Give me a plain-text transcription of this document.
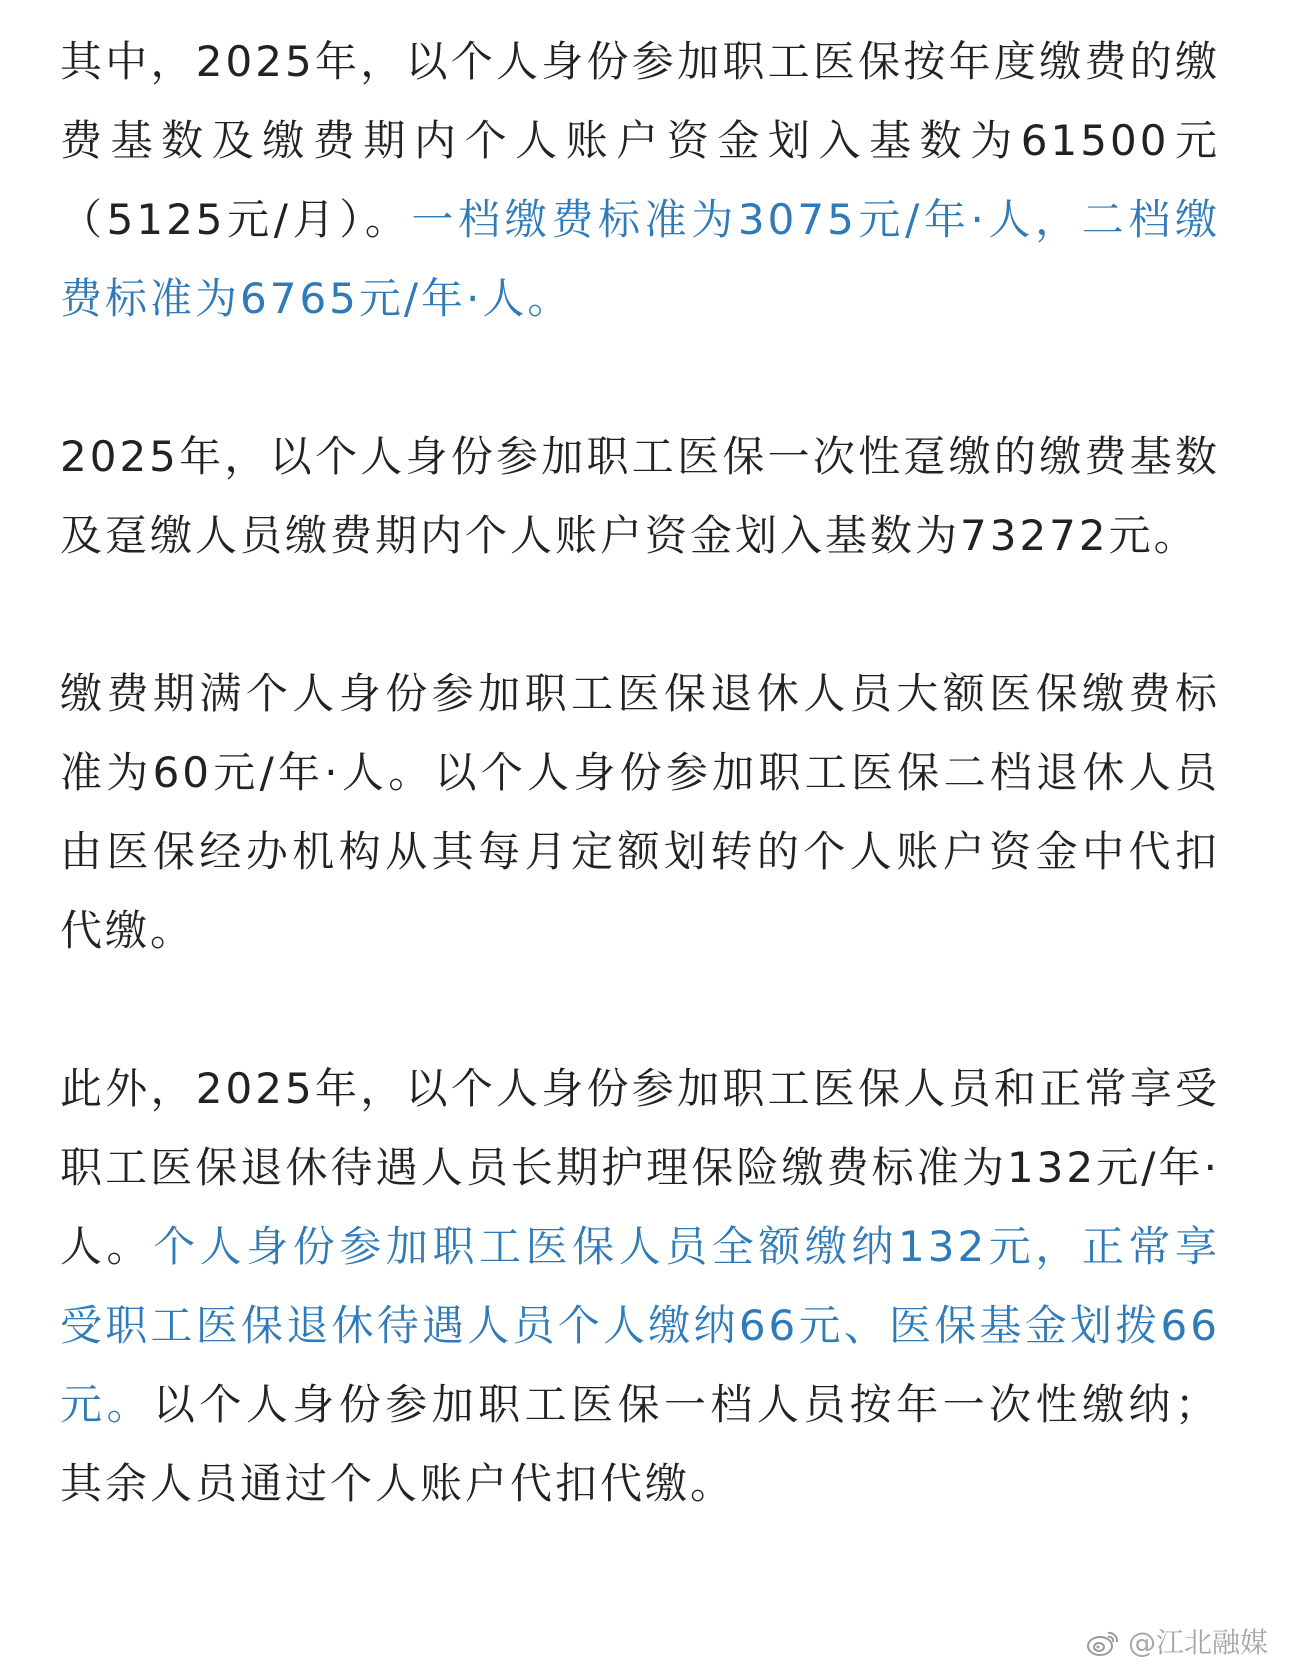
其中，2025年，以个人身份参加职工医保按年度缴费的缴费基数及缴费期内个人账户资金划入基数为61500元（5125元/月）。一档缴费标准为3075元/年·人，二档缴费标准为6765元/年·人。

2025年，以个人身份参加职工医保一次性趸缴的缴费基数及趸缴人员缴费期内个人账户资金划入基数为73272元。

缴费期满个人身份参加职工医保退休人员大额医保缴费标准为60元/年·人。以个人身份参加职工医保二档退休人员由医保经办机构从其每月定额划转的个人账户资金中代扣代缴。

此外，2025年，以个人身份参加职工医保人员和正常享受职工医保退休待遇人员长期护理保险缴费标准为132元/年·人。个人身份参加职工医保人员全额缴纳132元，正常享受职工医保退休待遇人员个人缴纳66元、医保基金划拨66元。以个人身份参加职工医保一档人员按年一次性缴纳；其余人员通过个人账户代扣代缴。

@江北融媒
